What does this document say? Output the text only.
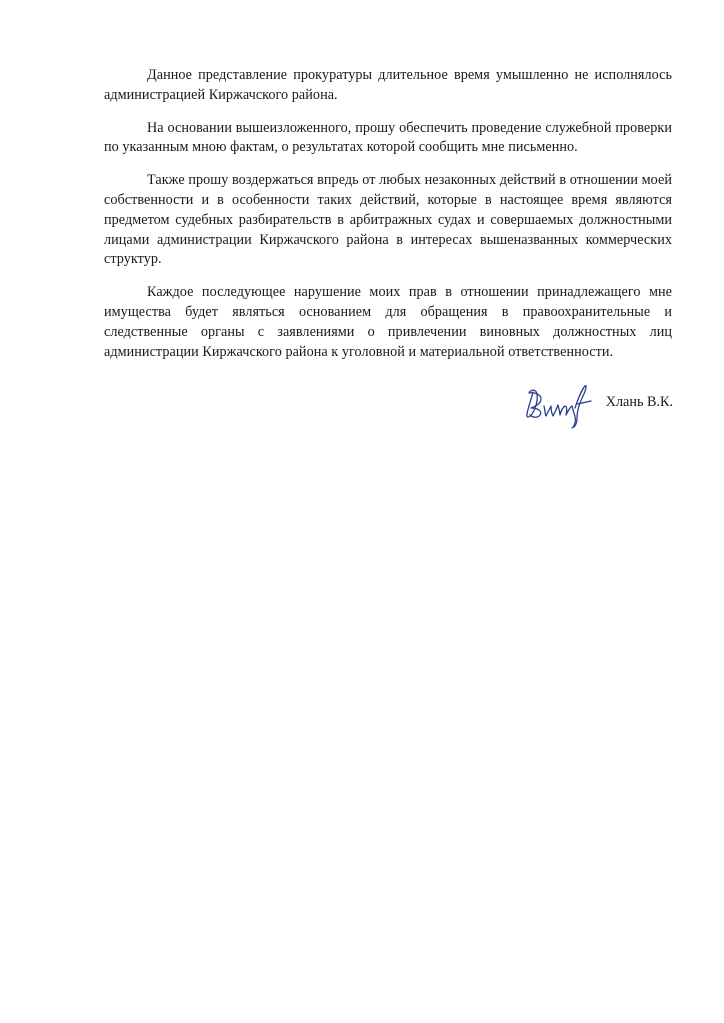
Данное представление прокуратуры длительное время умышленно не исполнялось администрацией Киржачского района.

На основании вышеизложенного, прошу обеспечить проведение служебной проверки по указанным мною фактам, о результатах которой сообщить мне письменно.

Также прошу воздержаться впредь от любых незаконных действий в отношении моей собственности и в особенности таких действий, которые в настоящее время являются предметом судебных разбирательств в арбитражных судах и совершаемых должностными лицами администрации Киржачского района в интересах вышеназванных коммерческих структур.

Каждое последующее нарушение моих прав в отношении принадлежащего мне имущества будет являться основанием для обращения в правоохранительные и следственные органы с заявлениями о привлечении виновных должностных лиц администрации Киржачского района к уголовной и материальной ответственности.

Хлань В.К.
